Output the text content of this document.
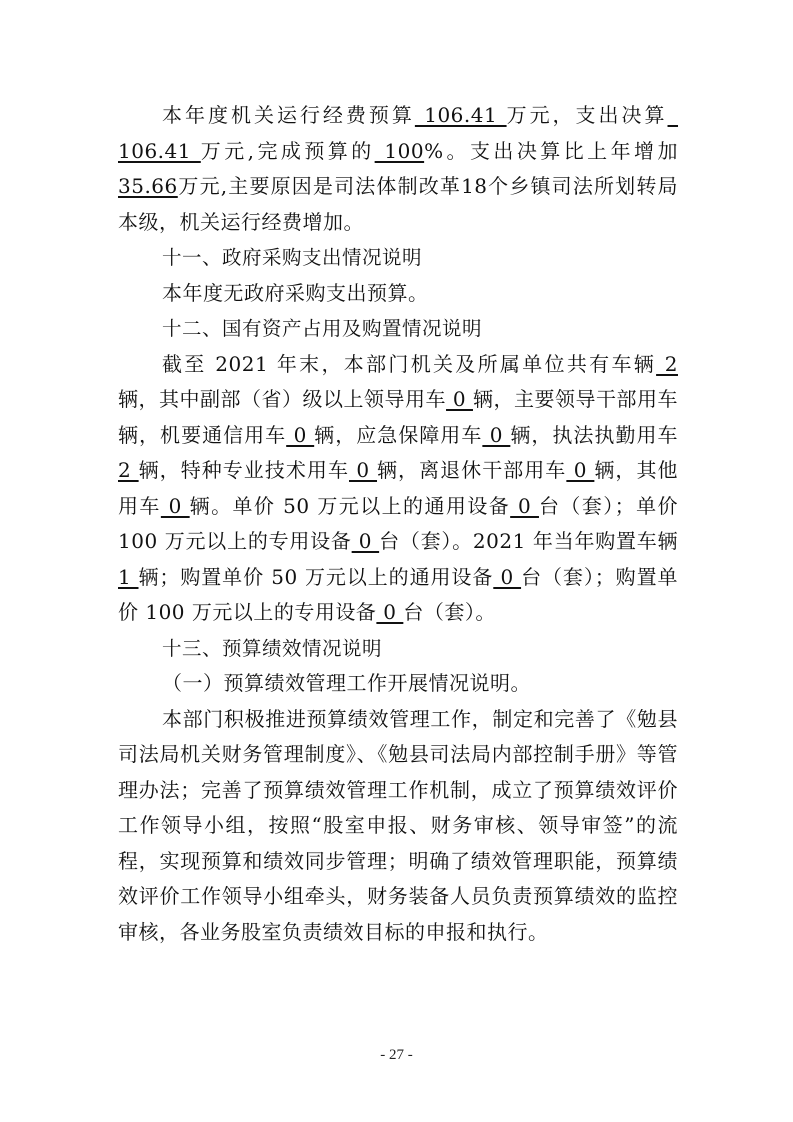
本年度机关运行经费预算 106.41 万元，支出决算_ 106.41 万元,完成预算的 100%。支出决算比上年增加 35.66万元,主要原因是司法体制改革18个乡镇司法所划转局本级，机关运行经费增加。

十一、政府采购支出情况说明

本年度无政府采购支出预算。

十二、国有资产占用及购置情况说明

截至 2021 年末，本部门机关及所属单位共有车辆 2 辆，其中副部（省）级以上领导用车 0 辆，主要领导干部用车辆，机要通信用车 0 辆，应急保障用车 0 辆，执法执勤用车 2 辆，特种专业技术用车 0 辆，离退休干部用车 0 辆，其他用车 0 辆。单价 50 万元以上的通用设备 0 台（套）；单价 100 万元以上的专用设备 0 台（套）。2021 年当年购置车辆 1 辆；购置单价 50 万元以上的通用设备 0 台（套）；购置单价 100 万元以上的专用设备 0 台（套）。

十三、预算绩效情况说明

（一）预算绩效管理工作开展情况说明。

本部门积极推进预算绩效管理工作，制定和完善了《勉县司法局机关财务管理制度》、《勉县司法局内部控制手册》等管理办法；完善了预算绩效管理工作机制，成立了预算绩效评价工作领导小组，按照“股室申报、财务审核、领导审签”的流程，实现预算和绩效同步管理；明确了绩效管理职能，预算绩效评价工作领导小组牵头，财务装备人员负责预算绩效的监控审核，各业务股室负责绩效目标的申报和执行。

- 27 -
